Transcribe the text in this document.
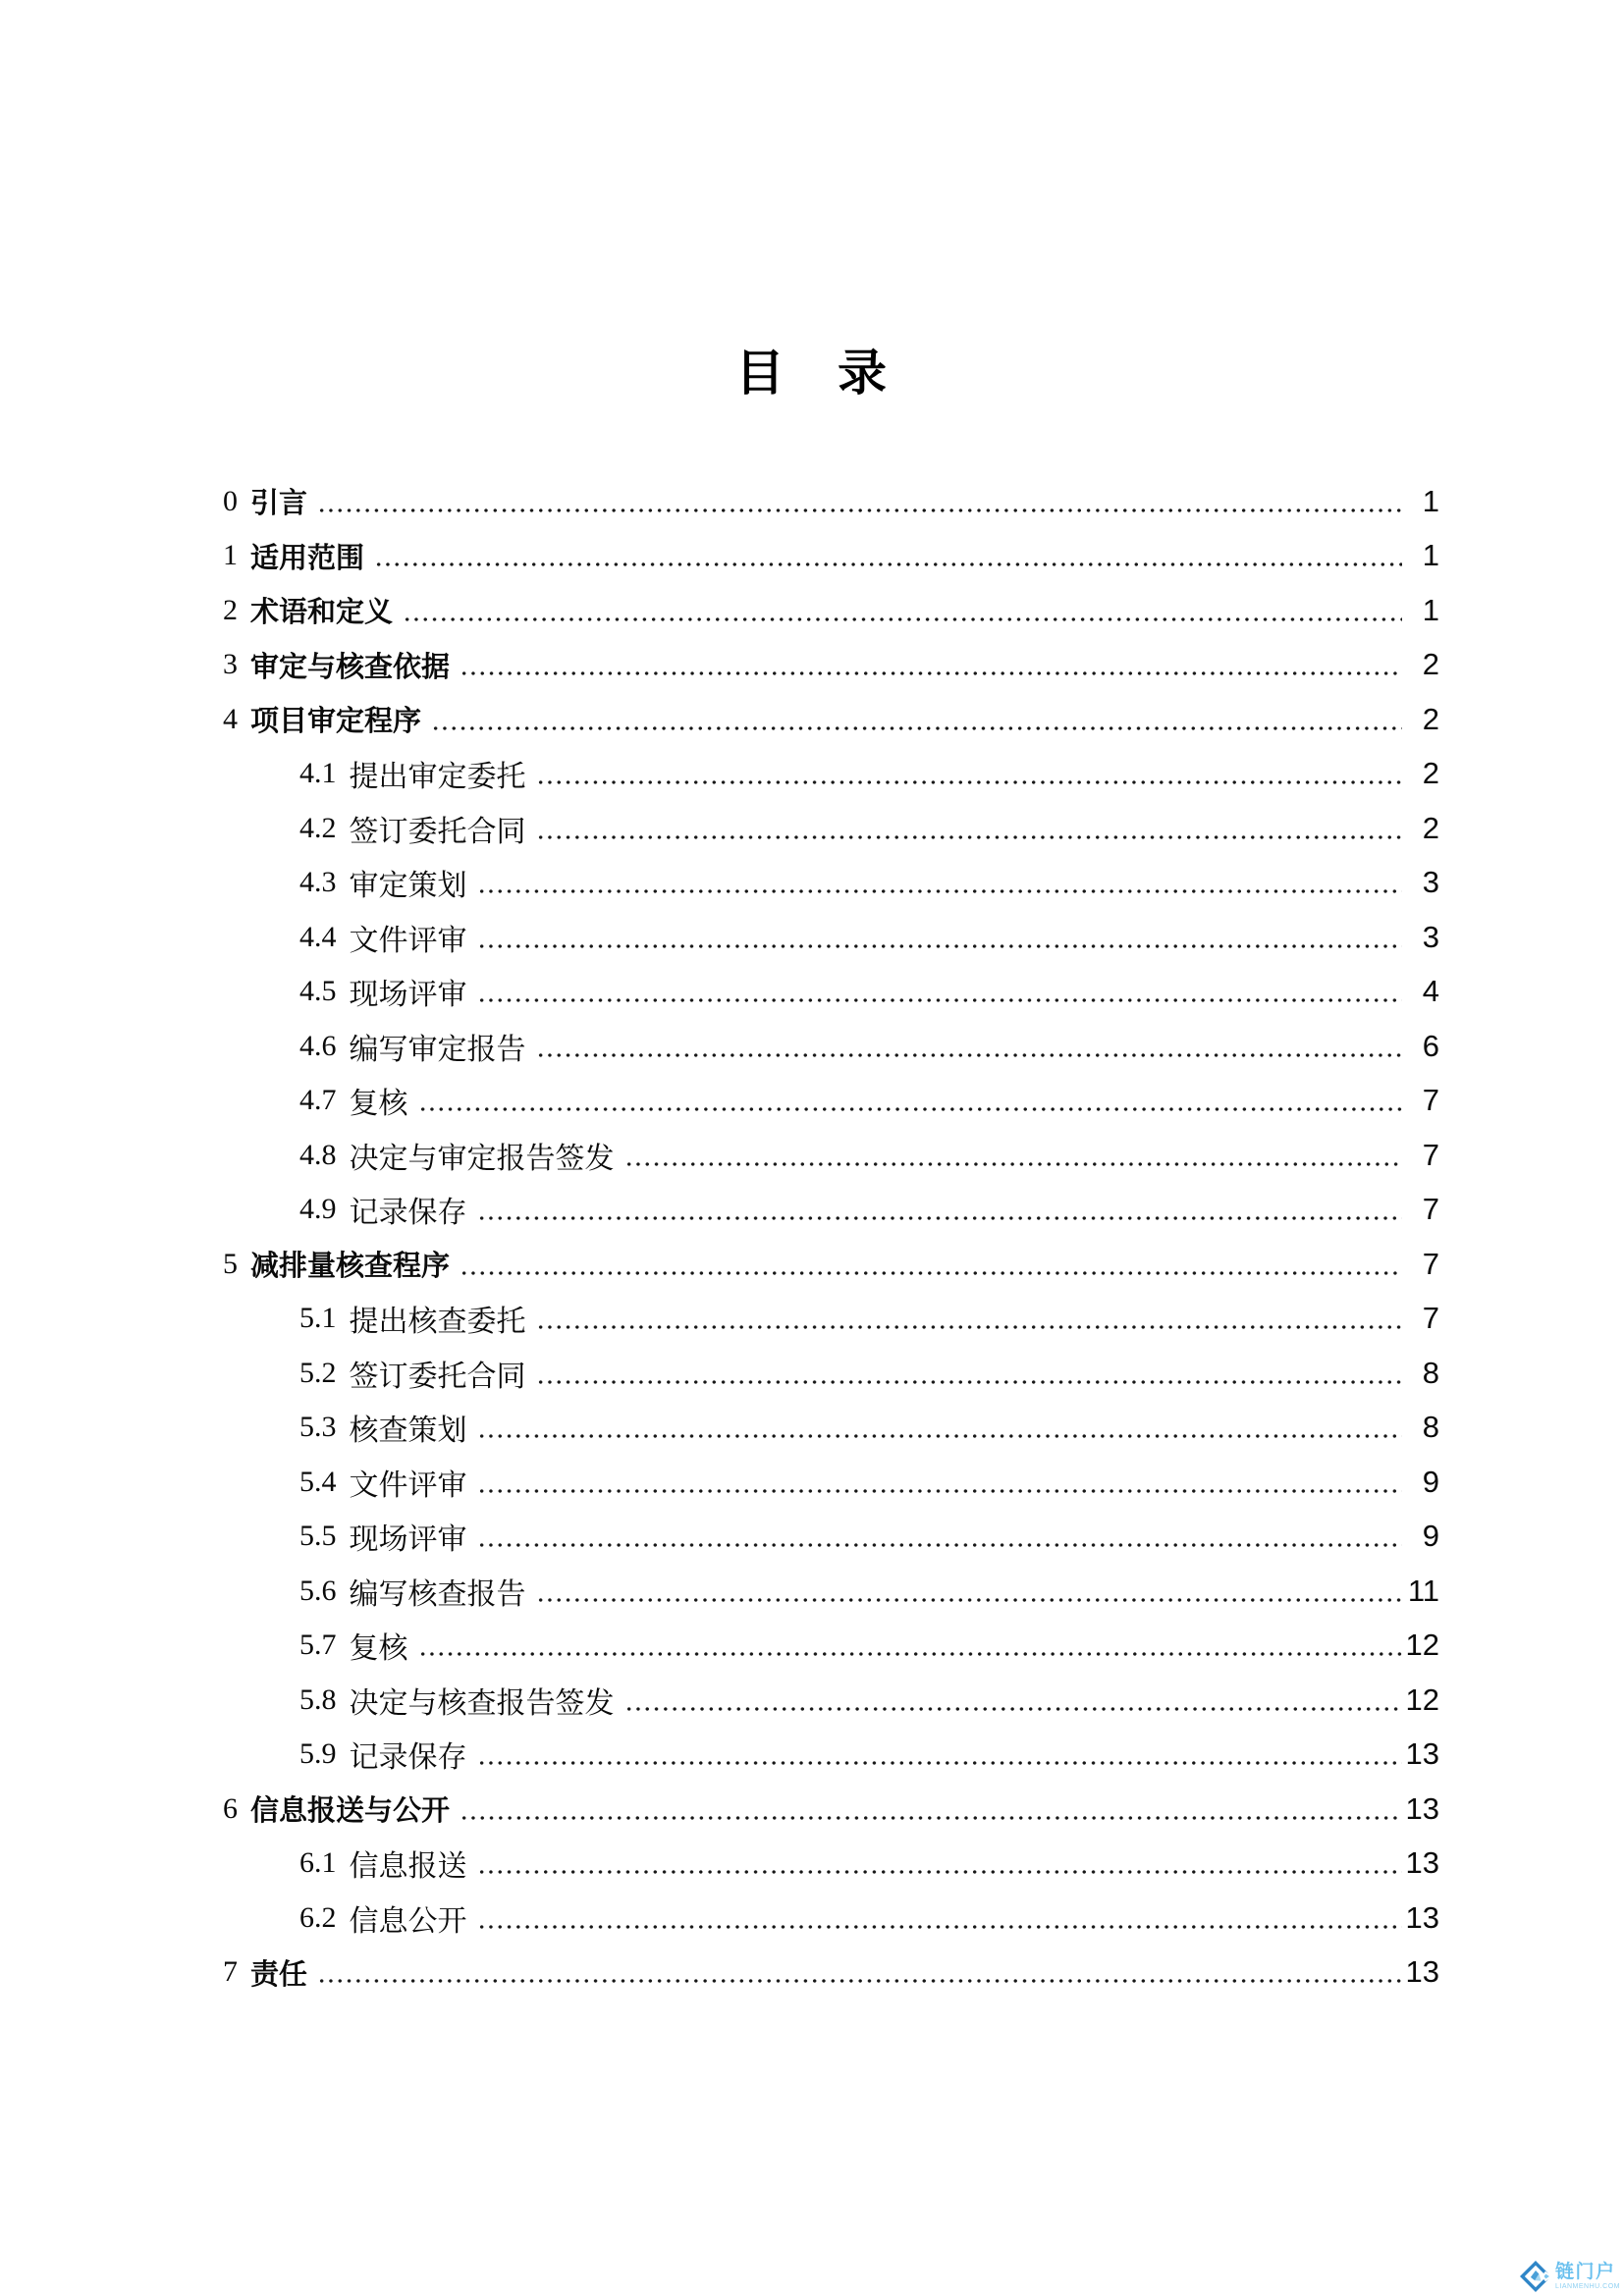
目　录
0 引言	1
1 适用范围	1
2 术语和定义	1
3 审定与核查依据	2
4 项目审定程序	2
4.1 提出审定委托	2
4.2 签订委托合同	2
4.3 审定策划	3
4.4 文件评审	3
4.5 现场评审	4
4.6 编写审定报告	6
4.7 复核	7
4.8 决定与审定报告签发	7
4.9 记录保存	7
5 减排量核查程序	7
5.1 提出核查委托	7
5.2 签订委托合同	8
5.3 核查策划	8
5.4 文件评审	9
5.5 现场评审	9
5.6 编写核查报告	11
5.7 复核	12
5.8 决定与核查报告签发	12
5.9 记录保存	13
6 信息报送与公开	13
6.1 信息报送	13
6.2 信息公开	13
7 责任	13
链门户
LIANMENHU.COM
